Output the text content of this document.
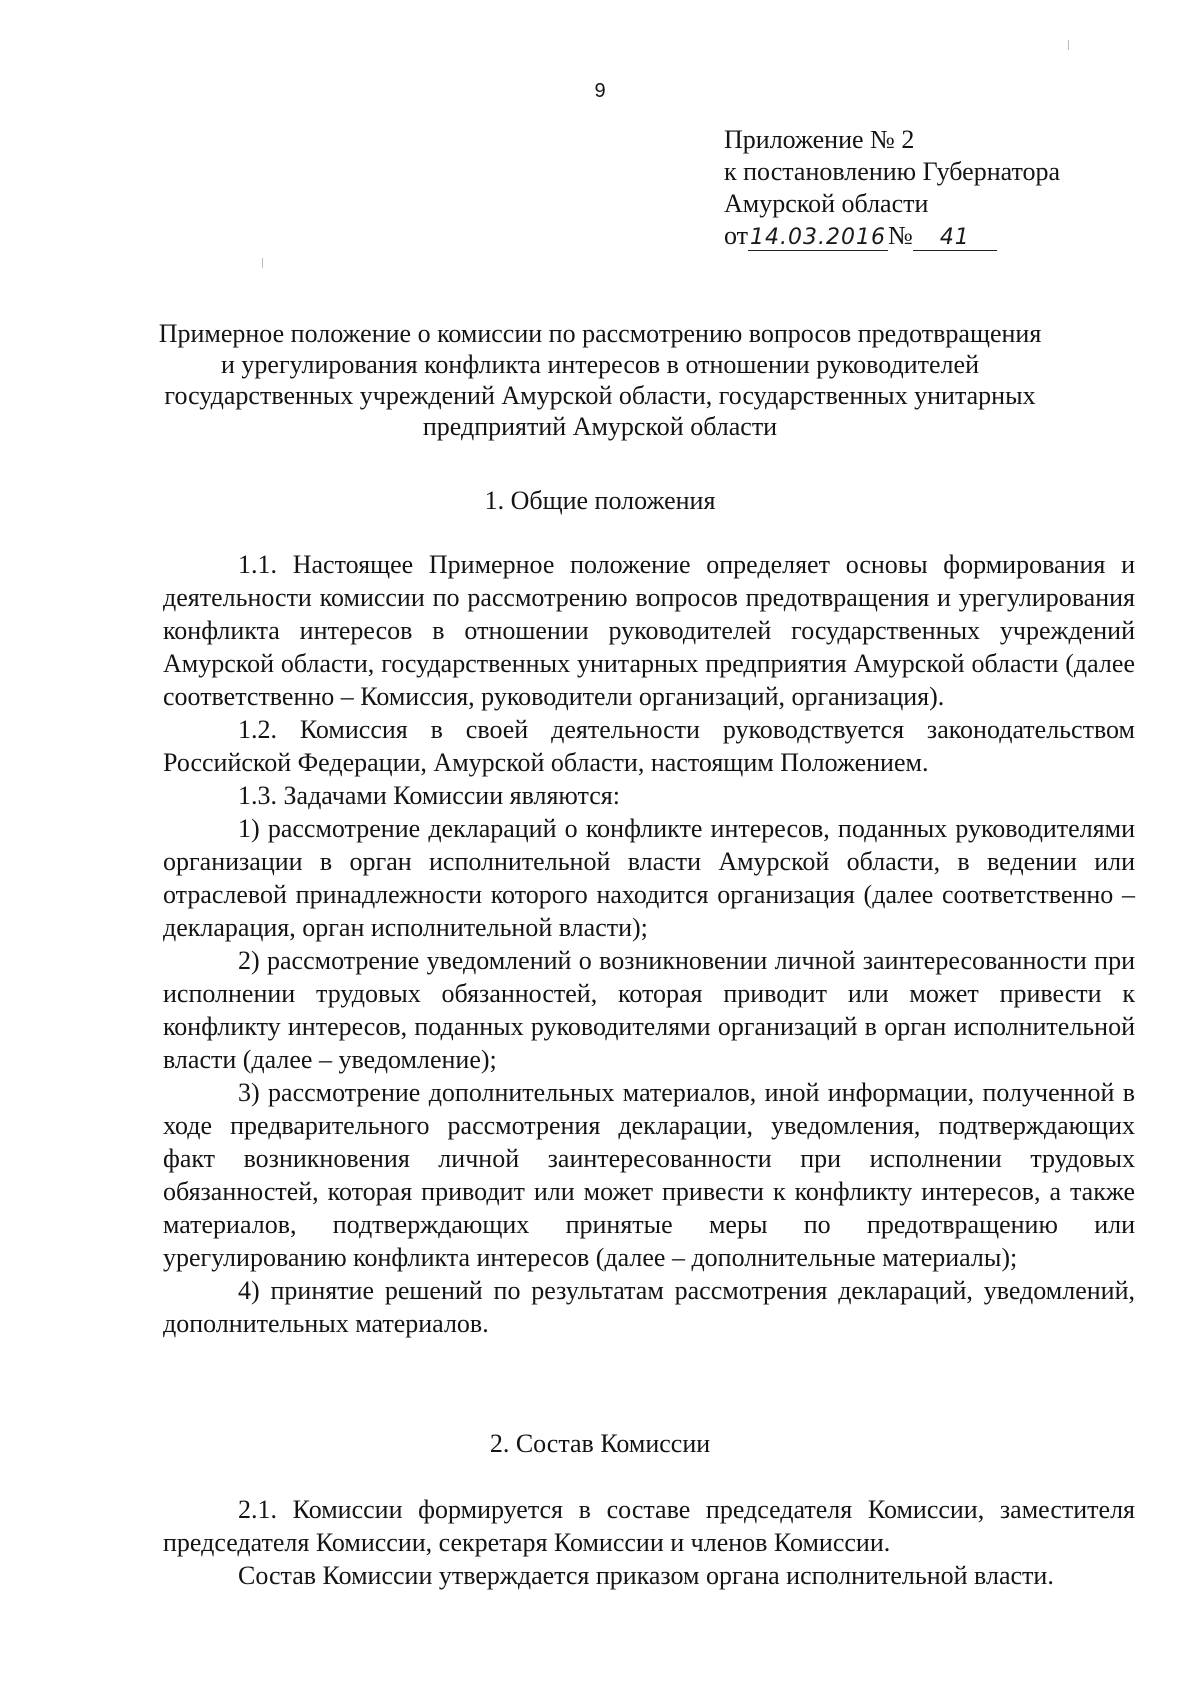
9
Приложение № 2
к постановлению Губернатора
Амурской области
от14.03.2016№ 41
Примерное положение о комиссии по рассмотрению вопросов предотвращения и урегулирования конфликта интересов в отношении руководителей государственных учреждений Амурской области, государственных унитарных предприятий Амурской области
1. Общие положения

1.1. Настоящее Примерное положение определяет основы формирования и деятельности комиссии по рассмотрению вопросов предотвращения и урегулирования конфликта интересов в отношении руководителей государственных учреждений Амурской области, государственных унитарных предприятия Амурской области (далее соответственно – Комиссия, руководители организаций, организация).

1.2. Комиссия в своей деятельности руководствуется законодательством Российской Федерации, Амурской области, настоящим Положением.

1.3. Задачами Комиссии являются:

1) рассмотрение деклараций о конфликте интересов, поданных руководителями организации в орган исполнительной власти Амурской области, в ведении или отраслевой принадлежности которого находится организация (далее соответственно – декларация, орган исполнительной власти);

2) рассмотрение уведомлений о возникновении личной заинтересованности при исполнении трудовых обязанностей, которая приводит или может привести к конфликту интересов, поданных руководителями организаций в орган исполнительной власти (далее – уведомление);

3) рассмотрение дополнительных материалов, иной информации, полученной в ходе предварительного рассмотрения декларации, уведомления, подтверждающих факт возникновения личной заинтересованности при исполнении трудовых обязанностей, которая приводит или может привести к конфликту интересов, а также материалов, подтверждающих принятые меры по предотвращению или урегулированию конфликта интересов (далее – дополнительные материалы);

4) принятие решений по результатам рассмотрения деклараций, уведомлений, дополнительных материалов.

2. Состав Комиссии

2.1. Комиссии формируется в составе председателя Комиссии, заместителя председателя Комиссии, секретаря Комиссии и членов Комиссии.

Состав Комиссии утверждается приказом органа исполнительной власти.
